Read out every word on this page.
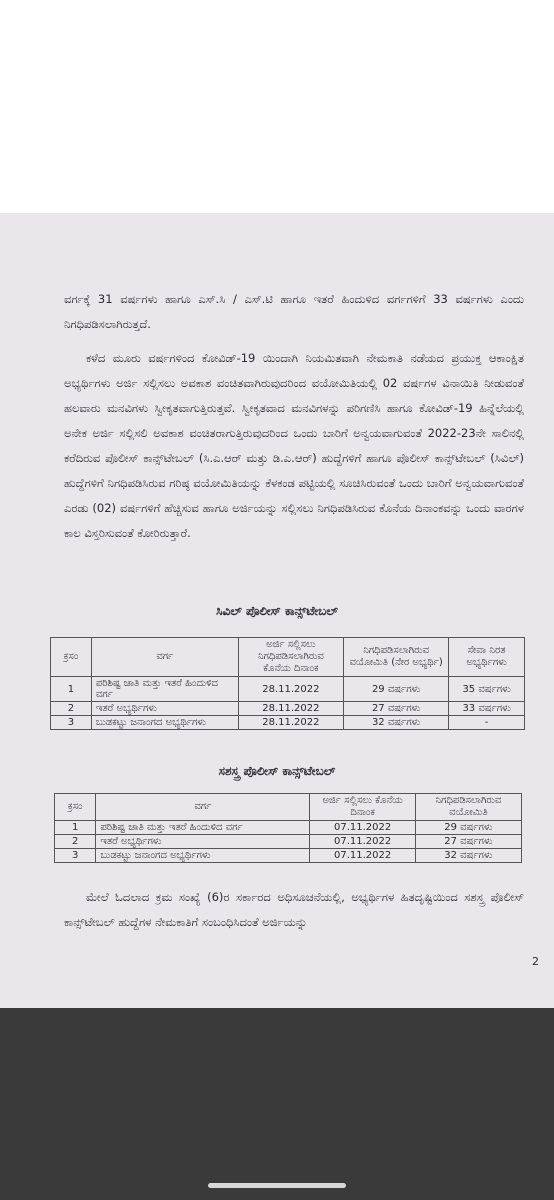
ವರ್ಗಕ್ಕೆ 31 ವರ್ಷಗಳು ಹಾಗೂ ಎಸ್.ಸಿ / ಎಸ್.ಟಿ ಹಾಗೂ ಇತರೆ ಹಿಂದುಳಿದ ವರ್ಗಗಳಿಗೆ 33 ವರ್ಷಗಳು ಎಂದು ನಿಗಧಿಪಡಿಸಲಾಗಿರುತ್ತದೆ.
ಕಳೆದ ಮೂರು ವರ್ಷಗಳಿಂದ ಕೋವಿಡ್-19 ಯಿಂದಾಗಿ ನಿಯಮಿತವಾಗಿ ನೇಮಕಾತಿ ನಡೆಯದ ಪ್ರಯುಕ್ತ ಆಕಾಂಕ್ಷಿತ ಅಭ್ಯರ್ಥಿಗಳು ಅರ್ಜಿ ಸಲ್ಲಿಸಲು ಅವಕಾಶ ವಂಚಿತವಾಗಿರುವುದರಿಂದ ವಯೋಮಿತಿಯಲ್ಲಿ 02 ವರ್ಷಗಳ ವಿನಾಯಿತಿ ನೀಡುವಂತೆ ಹಲವಾರು ಮನವಿಗಳು ಸ್ವೀಕೃತವಾಗುತ್ತಿರುತ್ತವೆ. ಸ್ವೀಕೃತವಾದ ಮನವಿಗಳನ್ನು ಪರಿಗಣಿಸಿ ಹಾಗೂ ಕೋವಿಡ್-19 ಹಿನ್ನೆಲೆಯಲ್ಲಿ ಅನೇಕ ಅರ್ಜಿ ಸಲ್ಲಿಸಲಿ ಅವಕಾಶ ವಂಚಿತರಾಗುತ್ತಿರುವುದರಿಂದ ಒಂದು ಬಾರಿಗೆ ಅನ್ವಯವಾಗುವಂತೆ 2022-23ನೇ ಸಾಲಿನಲ್ಲಿ ಕರೆದಿರುವ ಪೊಲೀಸ್ ಕಾನ್ಸ್‌ಟೇಬಲ್ (ಸಿ.ಎ.ಆರ್ ಮತ್ತು ಡಿ.ಎ.ಆರ್) ಹುದ್ದೆಗಳಿಗೆ ಹಾಗೂ ಪೊಲೀಸ್ ಕಾನ್ಸ್‌ಟೇಬಲ್ (ಸಿವಿಲ್) ಹುದ್ದೆಗಳಿಗೆ ನಿಗಧಿಪಡಿಸಿರುವ ಗರಿಷ್ಠ ವಯೋಮಿತಿಯನ್ನು ಕೆಳಕಂಡ ಪಟ್ಟಿಯಲ್ಲಿ ಸೂಚಿಸಿರುವಂತೆ ಒಂದು ಬಾರಿಗೆ ಅನ್ವಯವಾಗುವಂತೆ ಎರಡು (02) ವರ್ಷಗಳಿಗೆ ಹೆಚ್ಚಿಸುವ ಹಾಗೂ ಅರ್ಜಿಯನ್ನು ಸಲ್ಲಿಸಲು ನಿಗಧಿಪಡಿಸಿರುವ ಕೊನೆಯ ದಿನಾಂಕವನ್ನು ಒಂದು ವಾರಗಳ ಕಾಲ ವಿಸ್ತರಿಸುವಂತೆ ಕೋರಿರುತ್ತಾರೆ.
ಸಿವಿಲ್ ಪೊಲೀಸ್ ಕಾನ್ಸ್‌ಟೇಬಲ್
ಕ್ರಸಂ	ವರ್ಗ	ಅರ್ಜಿ ಸಲ್ಲಿಸಲು ನಿಗಧಿಪಡಿಸಲಾಗಿರುವ ಕೊನೆಯ ದಿನಾಂಕ	ನಿಗಧಿಪಡಿಸಲಾಗಿರುವ ವಯೋಮಿತಿ (ನೇರ ಅಭ್ಯರ್ಥಿ)	ಸೇವಾ ನಿರತ ಅಭ್ಯರ್ಥಿಗಳು
1	ಪರಿಶಿಷ್ಟ ಜಾತಿ ಮತ್ತು ಇತರೆ ಹಿಂದುಳಿದ ವರ್ಗ	28.11.2022	29 ವರ್ಷಗಳು	35 ವರ್ಷಗಳು
2	ಇತರೆ ಅಭ್ಯರ್ಥಿಗಳು	28.11.2022	27 ವರ್ಷಗಳು	33 ವರ್ಷಗಳು
3	ಬುಡಕಟ್ಟು ಜನಾಂಗದ ಅಭ್ಯರ್ಥಿಗಳು	28.11.2022	32 ವರ್ಷಗಳು	-
ಸಶಸ್ತ್ರ ಪೊಲೀಸ್ ಕಾನ್ಸ್‌ಟೇಬಲ್
ಕ್ರಸಂ	ವರ್ಗ	ಅರ್ಜಿ ಸಲ್ಲಿಸಲು ಕೊನೆಯ ದಿನಾಂಕ	ನಿಗಧಿಪಡಿಸಲಾಗಿರುವ ವಯೋಮಿತಿ
1	ಪರಿಶಿಷ್ಟ ಜಾತಿ ಮತ್ತು ಇತರೆ ಹಿಂದುಳಿದ ವರ್ಗ	07.11.2022	29 ವರ್ಷಗಳು
2	ಇತರೆ ಅಭ್ಯರ್ಥಿಗಳು	07.11.2022	27 ವರ್ಷಗಳು
3	ಬುಡಕಟ್ಟು ಜನಾಂಗದ ಅಭ್ಯರ್ಥಿಗಳು	07.11.2022	32 ವರ್ಷಗಳು
ಮೇಲೆ ಓದಲಾದ ಕ್ರಮ ಸಂಖ್ಯೆ (6)ರ ಸರ್ಕಾರದ ಅಧಿಸೂಚನೆಯಲ್ಲಿ, ಅಭ್ಯರ್ಥಿಗಳ ಹಿತದೃಷ್ಟಿಯಿಂದ ಸಶಸ್ತ್ರ ಪೊಲೀಸ್ ಕಾನ್ಸ್‌ಟೇಬಲ್ ಹುದ್ದೆಗಳ ನೇಮಕಾತಿಗೆ ಸಂಬಂಧಿಸಿದಂತೆ ಅರ್ಜಿಯನ್ನು
2
